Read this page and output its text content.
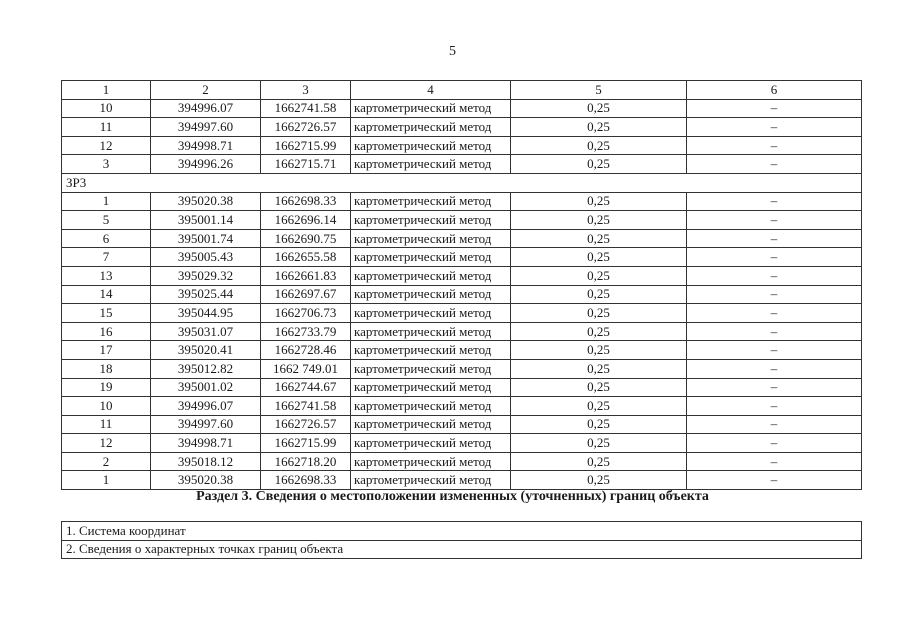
5
1	2	3	4	5	6
10	394996.07	1662741.58	картометрический метод	0,25	–
11	394997.60	1662726.57	картометрический метод	0,25	–
12	394998.71	1662715.99	картометрический метод	0,25	–
3	394996.26	1662715.71	картометрический метод	0,25	–
ЗР3					
1	395020.38	1662698.33	картометрический метод	0,25	–
5	395001.14	1662696.14	картометрический метод	0,25	–
6	395001.74	1662690.75	картометрический метод	0,25	–
7	395005.43	1662655.58	картометрический метод	0,25	–
13	395029.32	1662661.83	картометрический метод	0,25	–
14	395025.44	1662697.67	картометрический метод	0,25	–
15	395044.95	1662706.73	картометрический метод	0,25	–
16	395031.07	1662733.79	картометрический метод	0,25	–
17	395020.41	1662728.46	картометрический метод	0,25	–
18	395012.82	1662 749.01	картометрический метод	0,25	–
19	395001.02	1662744.67	картометрический метод	0,25	–
10	394996.07	1662741.58	картометрический метод	0,25	–
11	394997.60	1662726.57	картометрический метод	0,25	–
12	394998.71	1662715.99	картометрический метод	0,25	–
2	395018.12	1662718.20	картометрический метод	0,25	–
1	395020.38	1662698.33	картометрический метод	0,25	–
Раздел 3. Сведения о местоположении измененных (уточненных) границ объекта
1. Система координат
2. Сведения о характерных точках границ объекта
